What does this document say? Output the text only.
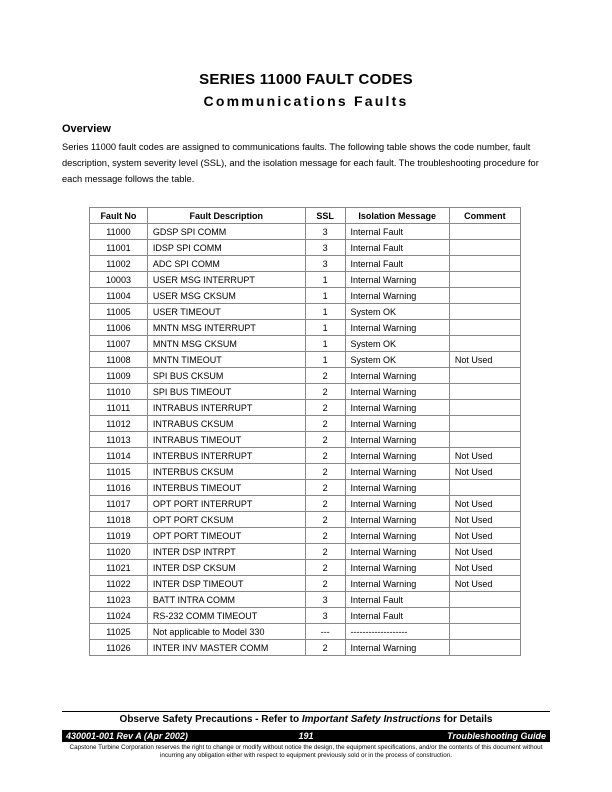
SERIES 11000 FAULT CODES
Communications Faults
Overview

Series 11000 fault codes are assigned to communications faults. The following table shows the code number, fault description, system severity level (SSL), and the isolation message for each fault. The troubleshooting procedure for each message follows the table.

Fault No	Fault Description	SSL	Isolation Message	Comment
11000	GDSP SPI COMM	3	Internal Fault	
11001	IDSP SPI COMM	3	Internal Fault	
11002	ADC SPI COMM	3	Internal Fault	
10003	USER MSG INTERRUPT	1	Internal Warning	
11004	USER MSG CKSUM	1	Internal Warning	
11005	USER TIMEOUT	1	System OK	
11006	MNTN MSG INTERRUPT	1	Internal Warning	
11007	MNTN MSG CKSUM	1	System OK	
11008	MNTN TIMEOUT	1	System OK	Not Used
11009	SPI BUS CKSUM	2	Internal Warning	
11010	SPI BUS TIMEOUT	2	Internal Warning	
11011	INTRABUS INTERRUPT	2	Internal Warning	
11012	INTRABUS CKSUM	2	Internal Warning	
11013	INTRABUS TIMEOUT	2	Internal Warning	
11014	INTERBUS INTERRUPT	2	Internal Warning	Not Used
11015	INTERBUS CKSUM	2	Internal Warning	Not Used
11016	INTERBUS TIMEOUT	2	Internal Warning	
11017	OPT PORT INTERRUPT	2	Internal Warning	Not Used
11018	OPT PORT CKSUM	2	Internal Warning	Not Used
11019	OPT PORT TIMEOUT	2	Internal Warning	Not Used
11020	INTER DSP INTRPT	2	Internal Warning	Not Used
11021	INTER DSP CKSUM	2	Internal Warning	Not Used
11022	INTER DSP TIMEOUT	2	Internal Warning	Not Used
11023	BATT INTRA COMM	3	Internal Fault	
11024	RS-232 COMM TIMEOUT	3	Internal Fault	
11025	Not applicable to Model 330	---	-------------------	
11026	INTER INV MASTER COMM	2	Internal Warning	
Observe Safety Precautions - Refer to Important Safety Instructions for Details
430001-001 Rev A (Apr 2002)	191	Troubleshooting Guide

Capstone Turbine Corporation reserves the right to change or modify without notice the design, the equipment specifications, and/or the contents of this document without incurring any obligation either with respect to equipment previously sold or in the process of construction.
